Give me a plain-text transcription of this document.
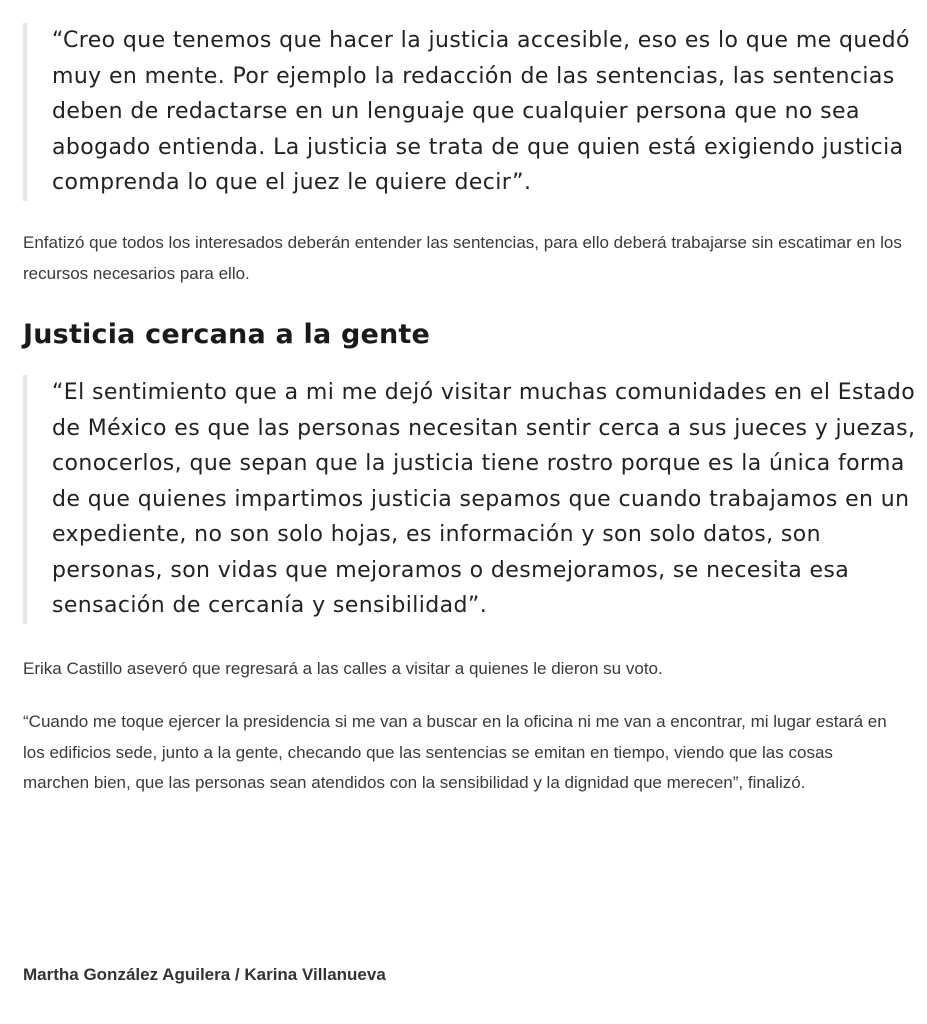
“Creo que tenemos que hacer la justicia accesible, eso es lo que me quedó muy en mente. Por ejemplo la redacción de las sentencias, las sentencias deben de redactarse en un lenguaje que cualquier persona que no sea abogado entienda. La justicia se trata de que quien está exigiendo justicia comprenda lo que el juez le quiere decir”.

Enfatizó que todos los interesados deberán entender las sentencias, para ello deberá trabajarse sin escatimar en los recursos necesarios para ello.

Justicia cercana a la gente
“El sentimiento que a mi me dejó visitar muchas comunidades en el Estado de México es que las personas necesitan sentir cerca a sus jueces y juezas, conocerlos, que sepan que la justicia tiene rostro porque es la única forma de que quienes impartimos justicia sepamos que cuando trabajamos en un expediente, no son solo hojas, es información y son solo datos, son personas, son vidas que mejoramos o desmejoramos, se necesita esa sensación de cercanía y sensibilidad”.

Erika Castillo aseveró que regresará a las calles a visitar a quienes le dieron su voto.

“Cuando me toque ejercer la presidencia si me van a buscar en la oficina ni me van a encontrar, mi lugar estará en los edificios sede, junto a la gente, checando que las sentencias se emitan en tiempo, viendo que las cosas marchen bien, que las personas sean atendidos con la sensibilidad y la dignidad que merecen”, finalizó.

Martha González Aguilera / Karina Villanueva
